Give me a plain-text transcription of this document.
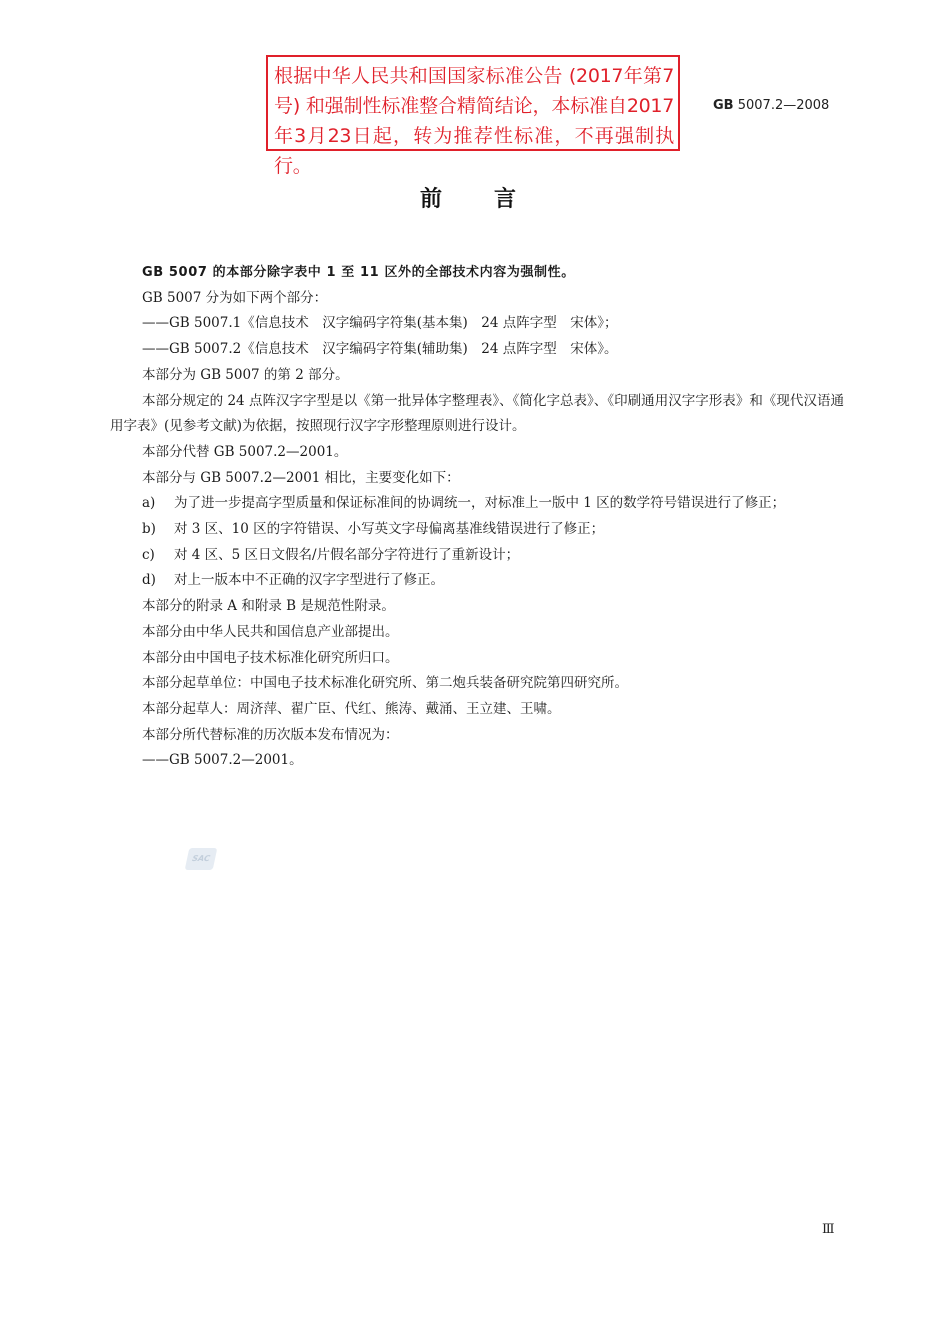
根据中华人民共和国国家标准公告 (2017年第7号) 和强制性标准整合精简结论，本标准自2017年3月23日起，转为推荐性标准，不再强制执行。
GB 5007.2—2008
前言

GB 5007 的本部分除字表中 1 至 11 区外的全部技术内容为强制性。

GB 5007 分为如下两个部分：

——GB 5007.1《信息技术　汉字编码字符集(基本集)　24 点阵字型　宋体》；

——GB 5007.2《信息技术　汉字编码字符集(辅助集)　24 点阵字型　宋体》。

本部分为 GB 5007 的第 2 部分。

本部分规定的 24 点阵汉字字型是以《第一批异体字整理表》、《简化字总表》、《印刷通用汉字字形表》和《现代汉语通用字表》(见参考文献)为依据，按照现行汉字字形整理原则进行设计。

本部分代替 GB 5007.2—2001。

本部分与 GB 5007.2—2001 相比，主要变化如下：

a) 为了进一步提高字型质量和保证标准间的协调统一，对标准上一版中 1 区的数学符号错误进行了修正；

b) 对 3 区、10 区的字符错误、小写英文字母偏离基准线错误进行了修正；

c) 对 4 区、5 区日文假名/片假名部分字符进行了重新设计；

d) 对上一版本中不正确的汉字字型进行了修正。

本部分的附录 A 和附录 B 是规范性附录。

本部分由中华人民共和国信息产业部提出。

本部分由中国电子技术标准化研究所归口。

本部分起草单位：中国电子技术标准化研究所、第二炮兵装备研究院第四研究所。

本部分起草人：周济萍、翟广臣、代红、熊涛、戴涌、王立建、王啸。

本部分所代替标准的历次版本发布情况为：

——GB 5007.2—2001。

SAC
Ⅲ
